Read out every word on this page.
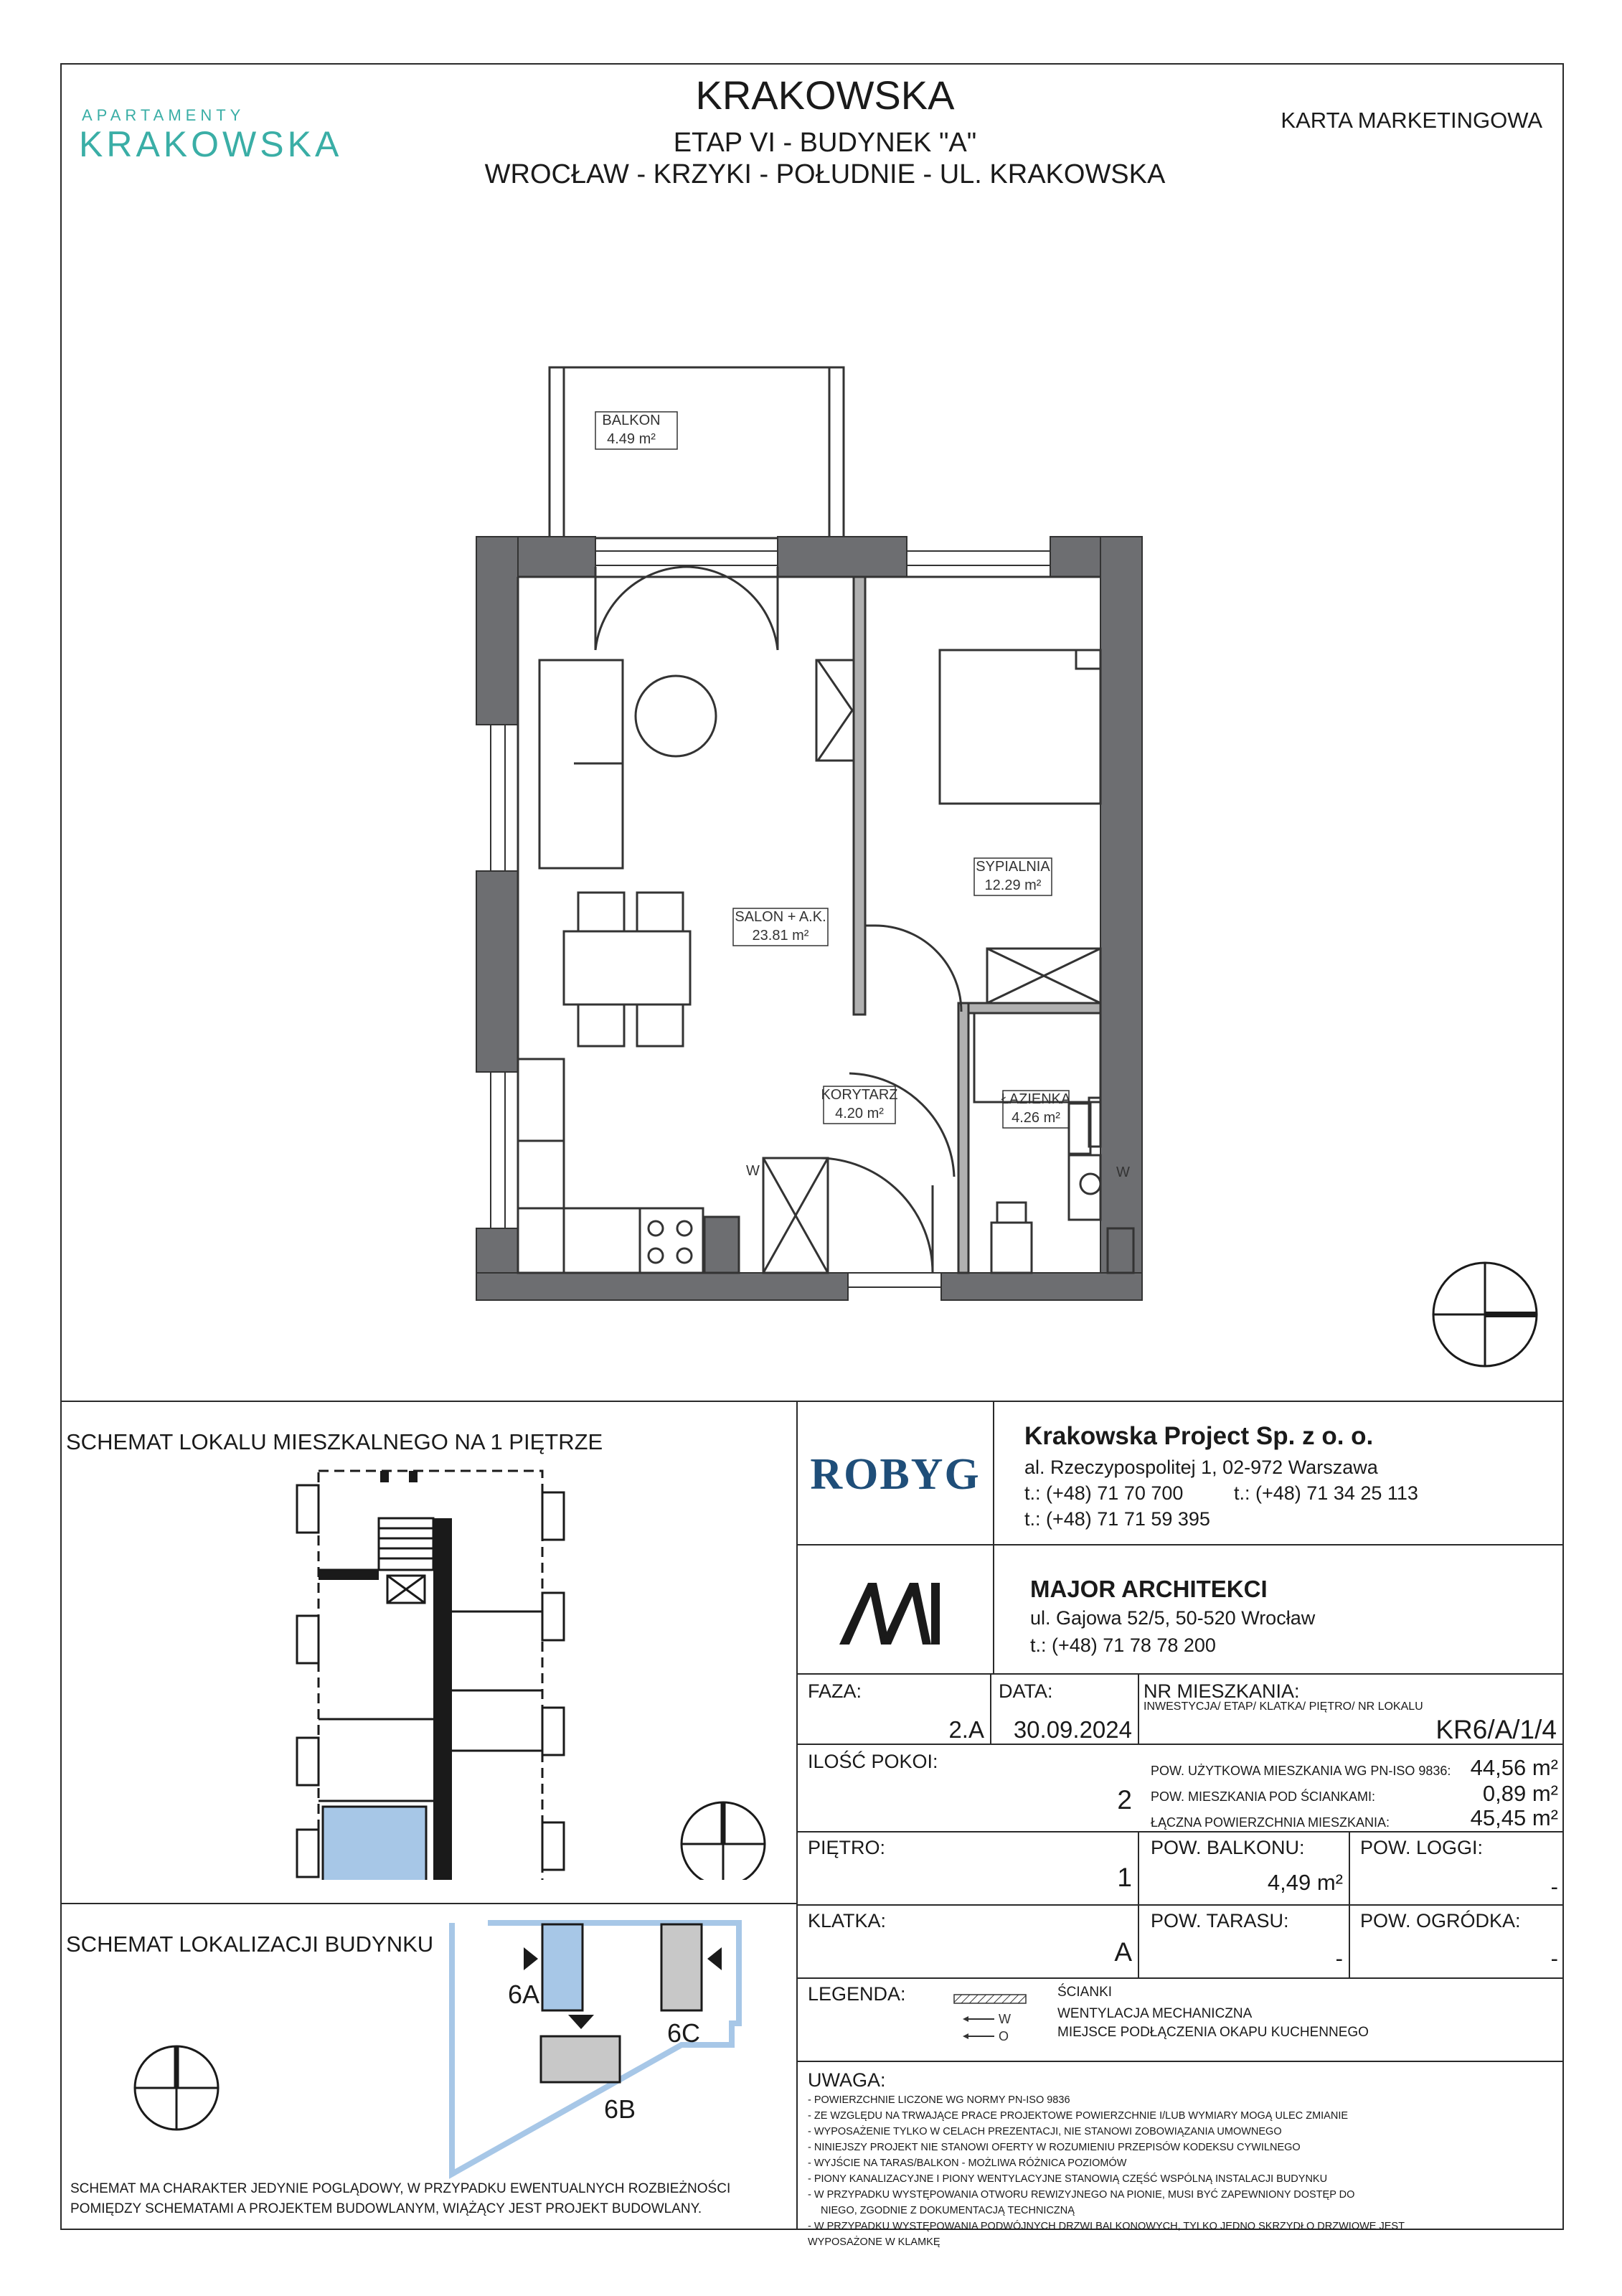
APARTAMENTY
KRAKOWSKA
KRAKOWSKA
ETAP VI - BUDYNEK "A"
WROCŁAW - KRZYKI - POŁUDNIE - UL. KRAKOWSKA
KARTA MARKETINGOWA
BALKON
4.49 m²
SALON + A.K.
23.81 m²
SYPIALNIA
12.29 m²
KORYTARZ
4.20 m²
ŁAZIENKA
4.26 m²
W	W
SCHEMAT LOKALU MIESZKALNEGO NA 1 PIĘTRZE
SCHEMAT LOKALIZACJI BUDYNKU
6A
6B
6C
SCHEMAT MA CHARAKTER JEDYNIE POGLĄDOWY, W PRZYPADKU EWENTUALNYCH ROZBIEŻNOŚCI
POMIĘDZY SCHEMATAMI A PROJEKTEM BUDOWLANYM, WIĄŻĄCY JEST PROJEKT BUDOWLANY.
ROBYG
Krakowska Project Sp. z o. o.
al. Rzeczypospolitej 1, 02-972 Warszawa
t.: (+48) 71 70 700	t.: (+48) 71 34 25 113
t.: (+48) 71 71 59 395
MAJOR ARCHITEKCI
ul. Gajowa 52/5, 50-520 Wrocław
t.: (+48) 71 78 78 200
FAZA:
2.A
DATA:
30.09.2024
NR MIESZKANIA:
INWESTYCJA/ ETAP/ KLATKA/ PIĘTRO/ NR LOKALU
KR6/A/1/4
ILOŚĆ POKOI:
2
POW. UŻYTKOWA MIESZKANIA WG PN-ISO 9836: 44,56 m²
POW. MIESZKANIA POD ŚCIANKAMI:	0,89 m²
ŁĄCZNA POWIERZCHNIA MIESZKANIA:	45,45 m²
PIĘTRO:
1
POW. BALKONU:
4,49 m²
POW. LOGGI:
-
KLATKA:
A
POW. TARASU:
-
POW. OGRÓDKA:
-
LEGENDA:
W
O
ŚCIANKI
WENTYLACJA MECHANICZNA
MIEJSCE PODŁĄCZENIA OKAPU KUCHENNEGO
UWAGA:
- POWIERZCHNIE LICZONE WG NORMY PN-ISO 9836
- ZE WZGLĘDU NA TRWAJĄCE PRACE PROJEKTOWE POWIERZCHNIE I/LUB WYMIARY MOGĄ ULEC ZMIANIE
- WYPOSAŻENIE TYLKO W CELACH PREZENTACJI, NIE STANOWI ZOBOWIĄZANIA UMOWNEGO
- NINIEJSZY PROJEKT NIE STANOWI OFERTY W ROZUMIENIU PRZEPISÓW KODEKSU CYWILNEGO
- WYJŚCIE NA TARAS/BALKON - MOŻLIWA RÓŻNICA POZIOMÓW
- PIONY KANALIZACYJNE I PIONY WENTYLACYJNE STANOWIĄ CZĘŚĆ WSPÓLNĄ INSTALACJI BUDYNKU
- W PRZYPADKU WYSTĘPOWANIA OTWORU REWIZYJNEGO NA PIONIE, MUSI BYĆ ZAPEWNIONY DOSTĘP DO
NIEGO, ZGODNIE Z DOKUMENTACJĄ TECHNICZNĄ
- W PRZYPADKU WYSTĘPOWANIA PODWÓJNYCH DRZWI BALKONOWYCH, TYLKO JEDNO SKRZYDŁO DRZWIOWE JEST
WYPOSAŻONE W KLAMKĘ
